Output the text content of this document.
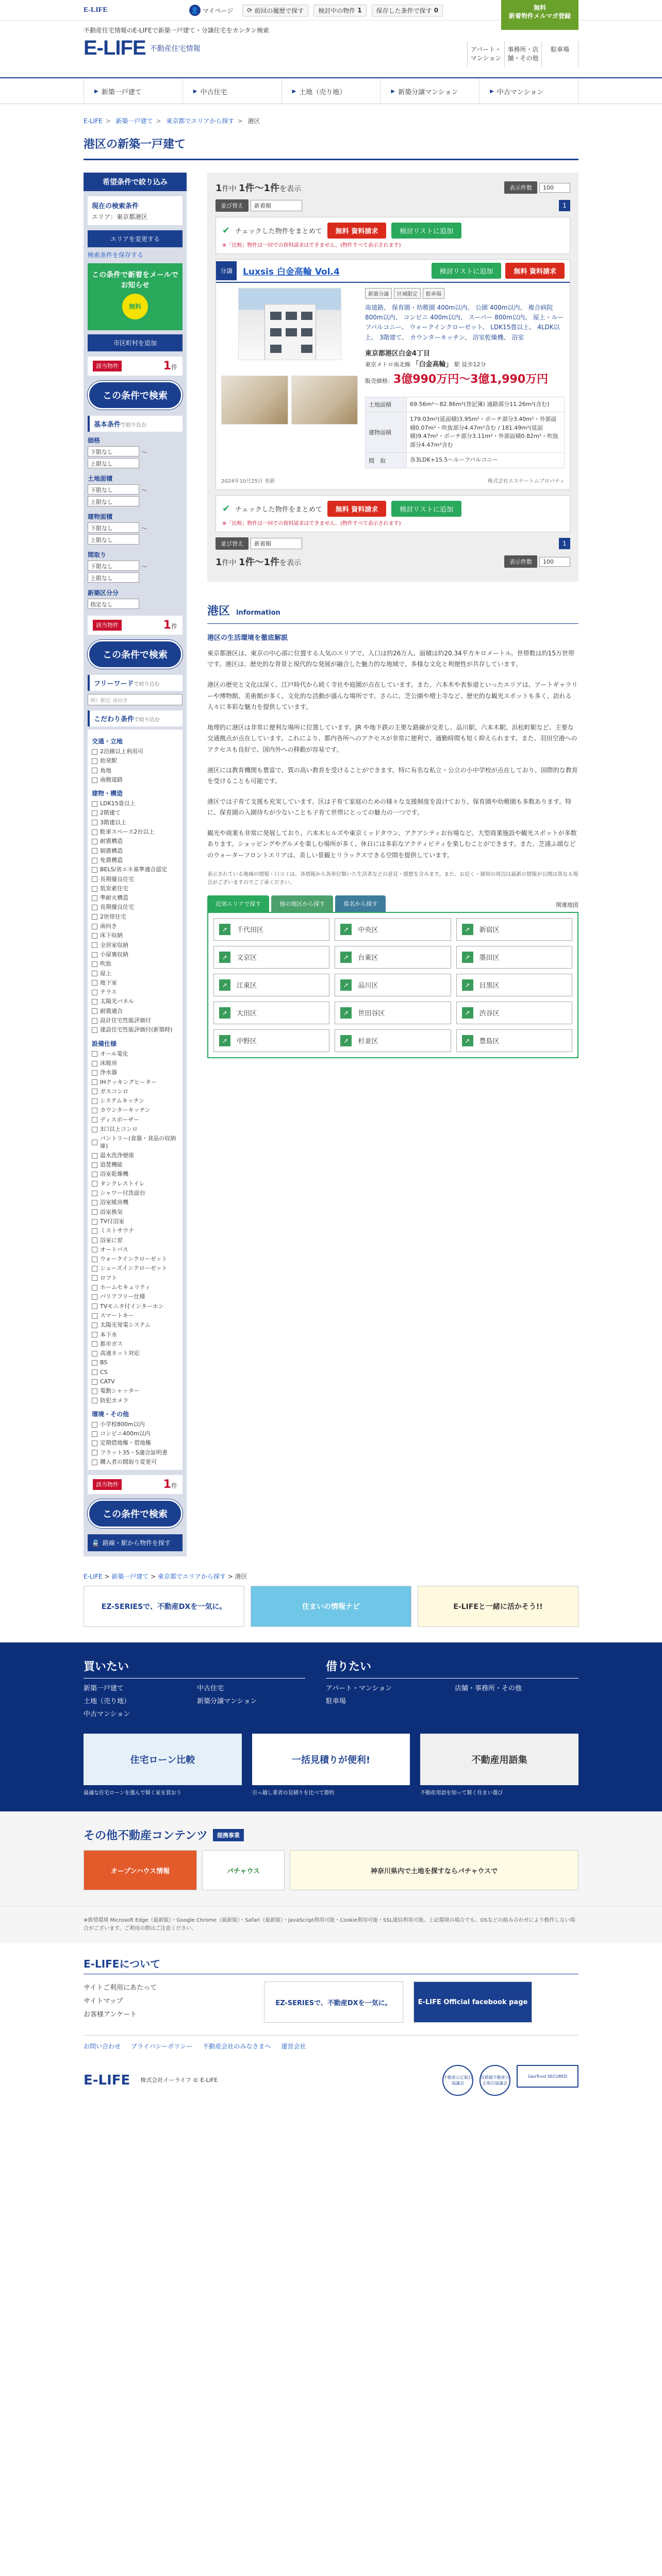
E-LIFE	👤 マイページ ⟳ 前回の履歴で探す 検討中の物件 1 保存した条件で探す 0	無料
新着物件メルマガ登録
不動産住宅情報のE-LIFEで新築一戸建て・分譲住宅をカンタン検索
E-LIFE 不動産住宅情報	アパート・マンション
事務所・店舗・その他
駐車場
▶ 新築一戸建て	▶ 中古住宅	▶ 土地（売り地）	▶ 新築分譲マンション	▶ 中古マンション
E-LIFE > 新築一戸建て > 東京都でエリアから探す > 港区
港区の新築一戸建て
希望条件で絞り込み
現在の検索条件
エリア：東京都港区
エリアを変更する
検索条件を保存する
この条件で新着をメールでお知らせ
無料
市区町村を追加
該当物件	1件
この条件で検索
基本条件で絞り込む
価格
下限なし	～
上限なし
土地面積
下限なし	～
上限なし
建物面積
下限なし	～
上限なし
間取り
下限なし	～
上限なし
新築区分分
指定なし
該当物件	1件
この条件で検索
フリーワードで絞り込む
例）駅近 南向き
こだわり条件で絞り込む
交通・立地
2沿線以上利用可
始発駅
角地
南側道路
建物・構造
LDK15畳以上
2階建て
3階建以上
駐車スペース2台以上
耐震構造
制震構造
免震構造
BELS/省エネ基準適合認定
長期優良住宅
低炭素住宅
準耐火構造
長期優良住宅
2世帯住宅
南向き
床下収納
全居室収納
小屋裏収納
吹抜
屋上
地下室
テラス
太陽光パネル
耐震適合
設計住宅性能評価付
建設住宅性能評価付(新築時)
設備仕様
オール電化
床暖房
浄水器
IHクッキングヒーター
ガスコンロ
システムキッチン
カウンターキッチン
ディスポーザー
3口以上コンロ
パントリー(食器・食品の収納庫)
温水洗浄便座
追焚機能
浴室乾燥機
タンクレストイレ
シャワー付洗面台
浴室暖房機
浴室換気
TV付浴室
ミストサウナ
浴室に窓
オートバス
ウォークインクローゼット
シューズインクローゼット
ロフト
ホームセキュリティ
バリアフリー仕様
TVモニタ付インターホン
スマートキー
太陽光発電システム
本下水
都市ガス
高速ネット対応
BS
CS
CATV
電動シャッター
防犯カメラ
環境・その他
小学校800m以内
コンビニ400m以内
定期借地権・借地権
フラット35・S適合証明書
購入者の間取り変更可
該当物件	1件
この条件で検索
🚆 路線・駅から物件を探す
1件中 1件～1件を表示	表示件数 100
並び替え 新着順	1
✔ チェックした物件をまとめて	無料 資料請求	検討リストに追加
※「比較」物件は一回での資料請求はできません。(物件すべて表示されます)
分譲	Luxsis 白金高輪 Vol.4	検討リストに追加	無料 資料請求
新築分譲	区域限定	駐車場
南道路、 保育園・幼稚園 400m以内、 公園 400m以内、 複合病院 800m以内、 コンビニ 400m以内、 スーパー 800m以内、 屋上・ルーフバルコニー、 ウォークインクローゼット、 LDK15畳以上、 4LDK以上、 3階建て、 カウンターキッチン、 浴室乾燥機、 浴室
東京都港区白金4丁目
東京メトロ南北線 「白金高輪」 駅 徒歩12分
販売価格：3億990万円～3億1,990万円
土地面積	69.56m²～82.86m²(登記簿) 通路部分11.26m²(含む)
建物面積	179.03m²(延面積)3.95m²・ポーチ部分3.40m²・外部面積0.07m²・吹抜部分4.47m²含む / 181.49m²(延面積)9.47m²・ポーチ部分3.11m²・外部面積0.82m²・吹抜部分4.47m²含む
間　取	各3LDK+15.5～ルーフバルコニー
2024年10月25日 更新	株式会社エステートムプロパティ
✔ チェックした物件をまとめて	無料 資料請求	検討リストに追加
※「比較」物件は一回での資料請求はできません。(物件すべて表示されます)
並び替え 新着順	1
1件中 1件～1件を表示	表示件数 100
港区 information
港区の生活環境を徹底解説

東京都港区は、東京の中心部に位置する人気のエリアで、人口は約26万人、面積は約20.34平方キロメートル。世帯数は約15万世帯です。港区は、歴史的な背景と現代的な発展が融合した魅力的な地域で、多様な文化と利便性が共存しています。

港区の歴史と文化は深く、江戸時代から続く寺社や庭園が点在しています。また、六本木や表参道といったエリアは、アートギャラリーや博物館、美術館が多く、文化的な活動が盛んな場所です。さらに、芝公園や増上寺など、歴史的な観光スポットも多く、訪れる人々に多彩な魅力を提供しています。

地理的に港区は非常に便利な場所に位置しています。JR や地下鉄の主要な路線が交差し、品川駅、六本木駅、浜松町駅など、主要な交通拠点が点在しています。これにより、都内各所へのアクセスが非常に便利で、通勤時間も短く抑えられます。また、羽田空港へのアクセスも良好で、国内外への移動が容易です。

港区には教育機関も豊富で、質の高い教育を受けることができます。特に有名な私立・公立の小中学校が点在しており、国際的な教育を受けることも可能です。

港区では子育て支援も充実しています。区は子育て家庭のための様々な支援制度を設けており、保育園や幼稚園も多数あります。特に、保育園の入園待ちが少ないことも子育て世帯にとっての魅力の一つです。

観光や商業も非常に発展しており、六本木ヒルズや東京ミッドタウン、アクアシティお台場など、大型商業施設や観光スポットが多数あります。ショッピングやグルメを楽しむ場所が多く、休日には多彩なアクティビティを楽しむことができます。また、芝浦ふ頭などのウォーターフロントエリアは、美しい景観とリラックスできる空間を提供しています。

表示されている地域の情報・口コミは、各情報から各単位類いた生活者などの意見・感想を含みます。また、お近く・探知の周辺は最新の情報が公開は異なる場合がございますのでご了承ください。
近郊エリアで探す	他の地区から探す	県名から探す	関連地図
➚	千代田区	➚	中央区	➚	新宿区
➚	文京区	➚	台東区	➚	墨田区
➚	江東区	➚	品川区	➚	目黒区
➚	大田区	➚	世田谷区	➚	渋谷区
➚	中野区	➚	杉並区	➚	豊島区
E-LIFE > 新築一戸建て > 東京都でエリアから探す > 港区
EZ-SERIESで、不動産DXを一気に。	住まいの情報ナビ	E-LIFEと一緒に活かそう!!
買いたい
新築一戸建て	中古住宅
土地（売り地）	新築分譲マンション
中古マンション
借りたい
アパート・マンション	店舗・事務所・その他
駐車場
住宅ローン比較
最適な住宅ローンを選んで賢く家を買おう
一括見積りが便利!
引っ越し業者の見積りを比べて節約
不動産用語集
不動産用語を知って賢く住まい選び
その他不動産コンテンツ	提携事業
オープンハウス情報	パチャウス	神奈川県内で土地を探すならパチャウスで
※推奨環境 Microsoft Edge（最新版）・Google Chrome（最新版）・Safari（最新版）・JavaScript利用可能・Cookie利用可能・SSL通信利用可能。上記環境の場合でも、OSなどの組み合わせにより動作しない場合がございます。ご利用の際はご注意ください。
E-LIFEについて
サイトご利用にあたって
サイトマップ
お客様アンケート
EZ-SERIESで、不動産DXを一気に。	E-LIFE Official facebook page
お問い合わせ プライバシーポリシー 不動産会社のみなさまへ 運営会社
E-LIFE 株式会社イーライフ © E-LIFE	不動産公正取引協議会
首都圏不動産公正取引協議会
GeoTrust SECURED
